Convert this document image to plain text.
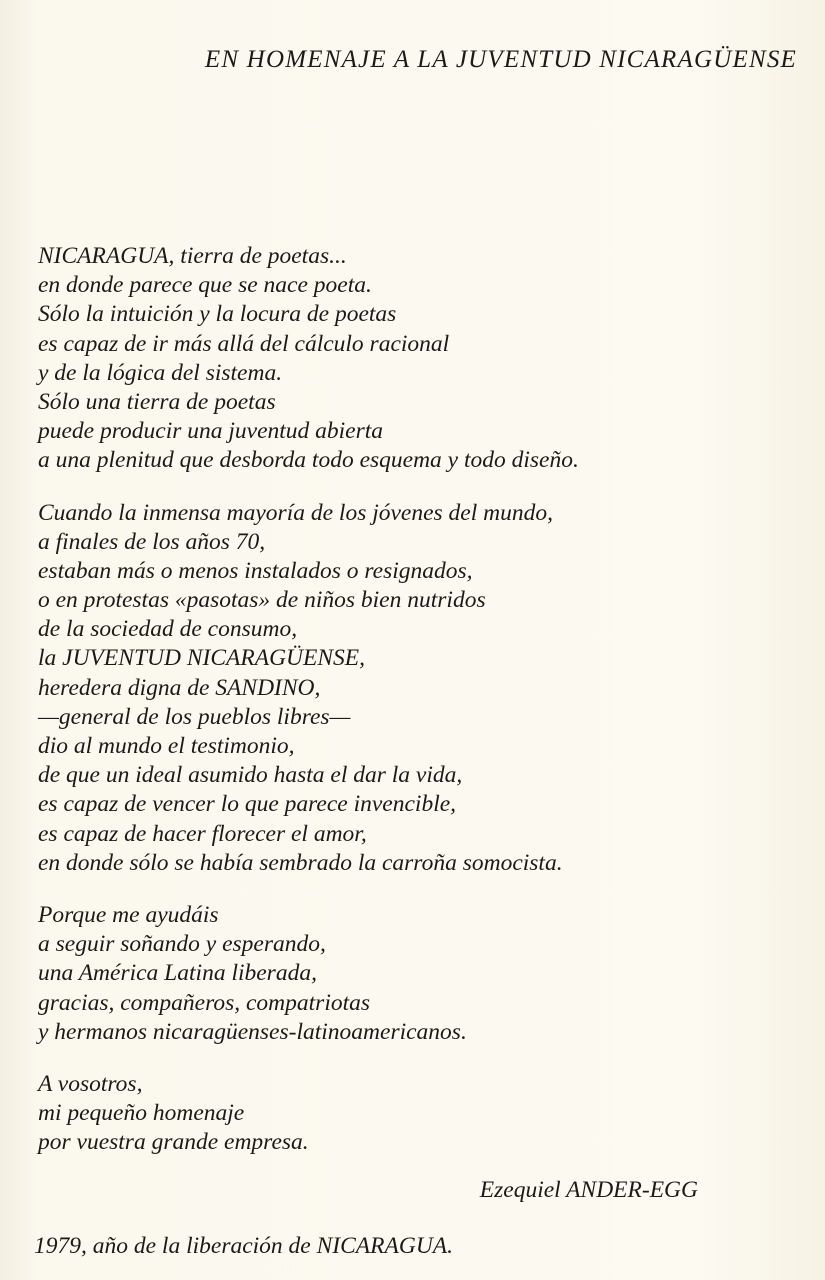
EN HOMENAJE A LA JUVENTUD NICARAGÜENSE

NICARAGUA, tierra de poetas...
en donde parece que se nace poeta.
Sólo la intuición y la locura de poetas
es capaz de ir más allá del cálculo racional
y de la lógica del sistema.
Sólo una tierra de poetas
puede producir una juventud abierta
a una plenitud que desborda todo esquema y todo diseño.

Cuando la inmensa mayoría de los jóvenes del mundo,
a finales de los años 70,
estaban más o menos instalados o resignados,
o en protestas «pasotas» de niños bien nutridos
de la sociedad de consumo,
la JUVENTUD NICARAGÜENSE,
heredera digna de SANDINO,
—general de los pueblos libres—
dio al mundo el testimonio,
de que un ideal asumido hasta el dar la vida,
es capaz de vencer lo que parece invencible,
es capaz de hacer florecer el amor,
en donde sólo se había sembrado la carroña somocista.

Porque me ayudáis
a seguir soñando y esperando,
una América Latina liberada,
gracias, compañeros, compatriotas
y hermanos nicaragüenses-latinoamericanos.

A vosotros,
mi pequeño homenaje
por vuestra grande empresa.

Ezequiel ANDER-EGG
1979, año de la liberación de NICARAGUA.
